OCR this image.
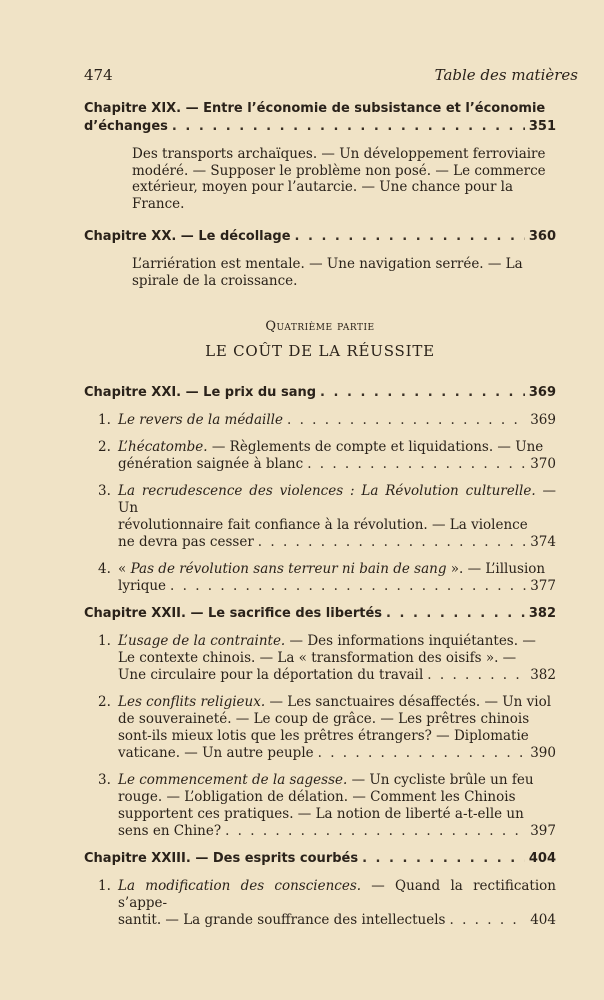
474	Table des matières
Chapitre XIX. — Entre l’économie de subsistance et l’économie
d’échanges . . .	351

Des transports archaïques. — Un développement ferroviaire

modéré. — Supposer le problème non posé. — Le commerce

extérieur, moyen pour l’autarcie. — Une chance pour la

France.

Chapitre XX. — Le décollage . . .	360

L’arriération est mentale. — Une navigation serrée. — La

spirale de la croissance.

Quatrième partie
LE COÛT DE LA RÉUSSITE
Chapitre XXI. — Le prix du sang . . .	369
1. Le revers de la médaille . . .	369
2. L’hécatombe. — Règlements de compte et liquidations. — Une

génération saignée à blanc . . .	370
3. La recrudescence des violences : La Révolution culturelle. — Un

révolutionnaire fait confiance à la révolution. — La violence

ne devra pas cesser . . .	374
4. « Pas de révolution sans terreur ni bain de sang ». — L’illusion

lyrique . . .	377
Chapitre XXII. — Le sacrifice des libertés . . .	382
1. L’usage de la contrainte. — Des informations inquiétantes. —

Le contexte chinois. — La « transformation des oisifs ». —

Une circulaire pour la déportation du travail . . .	382
2. Les conflits religieux. — Les sanctuaires désaffectés. — Un viol

de souveraineté. — Le coup de grâce. — Les prêtres chinois

sont-ils mieux lotis que les prêtres étrangers? — Diplomatie

vaticane. — Un autre peuple . . .	390
3. Le commencement de la sagesse. — Un cycliste brûle un feu

rouge. — L’obligation de délation. — Comment les Chinois

supportent ces pratiques. — La notion de liberté a-t-elle un

sens en Chine? . . .	397
Chapitre XXIII. — Des esprits courbés . . .	404
1. La modification des consciences. — Quand la rectification s’appe-

santit. — La grande souffrance des intellectuels . . .	404
